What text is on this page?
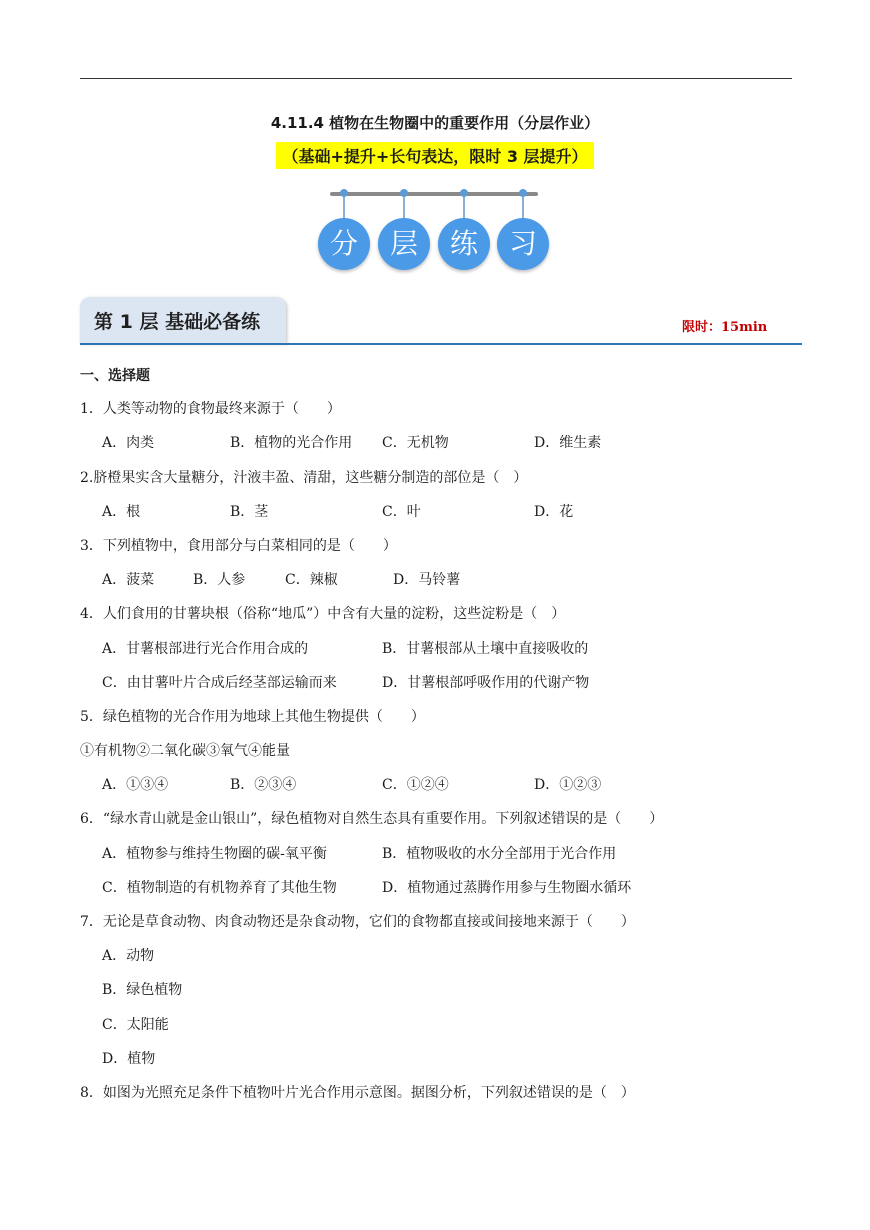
4.11.4 植物在生物圈中的重要作用（分层作业）
（基础+提升+长句表达，限时 3 层提升）
分	层	练	习
第 1 层 基础必备练	限时：15min
一、选择题
1．人类等动物的食物最终来源于（　　）
A．肉类	B．植物的光合作用 C．无机物	D．维生素
2.脐橙果实含大量糖分，汁液丰盈、清甜，这些糖分制造的部位是（　）
A．根	B．茎	C．叶	D．花
3．下列植物中，食用部分与白菜相同的是（　　）
A．菠菜	B．人参	C．辣椒	D．马铃薯
4．人们食用的甘薯块根（俗称“地瓜”）中含有大量的淀粉，这些淀粉是（　）
A．甘薯根部进行光合作用合成的	B．甘薯根部从土壤中直接吸收的
C．由甘薯叶片合成后经茎部运输而来	D．甘薯根部呼吸作用的代谢产物
5．绿色植物的光合作用为地球上其他生物提供（　　）
①有机物②二氧化碳③氧气④能量
A．①③④	B．②③④	C．①②④	D．①②③
6．“绿水青山就是金山银山”，绿色植物对自然生态具有重要作用。下列叙述错误的是（　　）
A．植物参与维持生物圈的碳-氧平衡	B．植物吸收的水分全部用于光合作用
C．植物制造的有机物养育了其他生物	D．植物通过蒸腾作用参与生物圈水循环
7．无论是草食动物、肉食动物还是杂食动物，它们的食物都直接或间接地来源于（　　）
A．动物
B．绿色植物
C．太阳能
D．植物
8．如图为光照充足条件下植物叶片光合作用示意图。据图分析，下列叙述错误的是（　）
